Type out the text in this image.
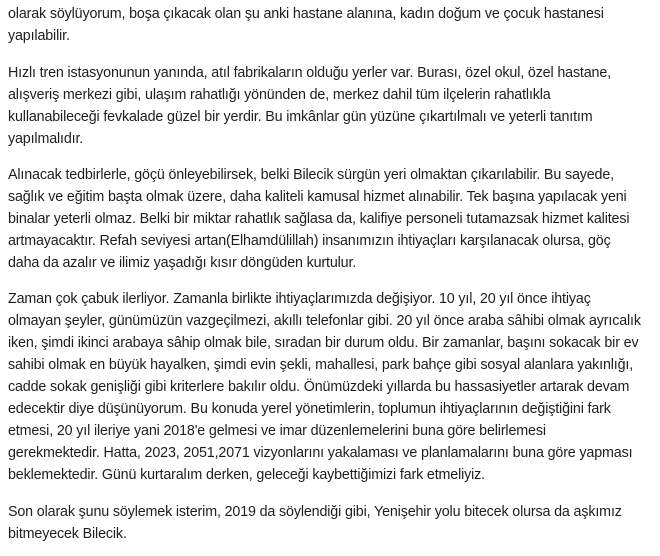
olarak söylüyorum, boşa çıkacak olan şu anki hastane alanına, kadın doğum ve çocuk hastanesi
yapılabilir.
Hızlı tren istasyonunun yanında, atıl fabrikaların olduğu yerler var. Burası, özel okul, özel hastane,
alışveriş merkezi gibi, ulaşım rahatlığı yönünden de, merkez dahil tüm ilçelerin rahatlıkla
kullanabileceği fevkalade güzel bir yerdir. Bu imkânlar gün yüzüne çıkartılmalı ve yeterli tanıtım
yapılmalıdır.
Alınacak tedbirlerle, göçü önleyebilirsek, belki Bilecik sürgün yeri olmaktan çıkarılabilir. Bu sayede,
sağlık ve eğitim başta olmak üzere, daha kaliteli kamusal hizmet alınabilir. Tek başına yapılacak yeni
binalar yeterli olmaz. Belki bir miktar rahatlık sağlasa da, kalifiye personeli tutamazsak hizmet kalitesi
artmayacaktır. Refah seviyesi artan(Elhamdülillah) insanımızın ihtiyaçları karşılanacak olursa, göç
daha da azalır ve ilimiz yaşadığı kısır döngüden kurtulur.
Zaman çok çabuk ilerliyor. Zamanla birlikte ihtiyaçlarımızda değişiyor. 10 yıl, 20 yıl önce ihtiyaç
olmayan şeyler, günümüzün vazgeçilmezi, akıllı telefonlar gibi. 20 yıl önce araba sâhibi olmak ayrıcalık
iken, şimdi ikinci arabaya sâhip olmak bile, sıradan bir durum oldu. Bir zamanlar, başını sokacak bir ev
sahibi olmak en büyük hayalken, şimdi evin şekli, mahallesi, park bahçe gibi sosyal alanlara yakınlığı,
cadde sokak genişliği gibi kriterlere bakılır oldu. Önümüzdeki yıllarda bu hassasiyetler artarak devam
edecektir diye düşünüyorum. Bu konuda yerel yönetimlerin, toplumun ihtiyaçlarının değiştiğini fark
etmesi, 20 yıl ileriye yani 2018'e gelmesi ve imar düzenlemelerini buna göre belirlemesi
gerekmektedir. Hatta, 2023, 2051,2071 vizyonlarını yakalaması ve planlamalarını buna göre yapması
beklemektedir. Günü kurtaralım derken, geleceği kaybettiğimizi fark etmeliyiz.
Son olarak şunu söylemek isterim, 2019 da söylendiği gibi, Yenişehir yolu bitecek olursa da aşkımız
bitmeyecek Bilecik.
